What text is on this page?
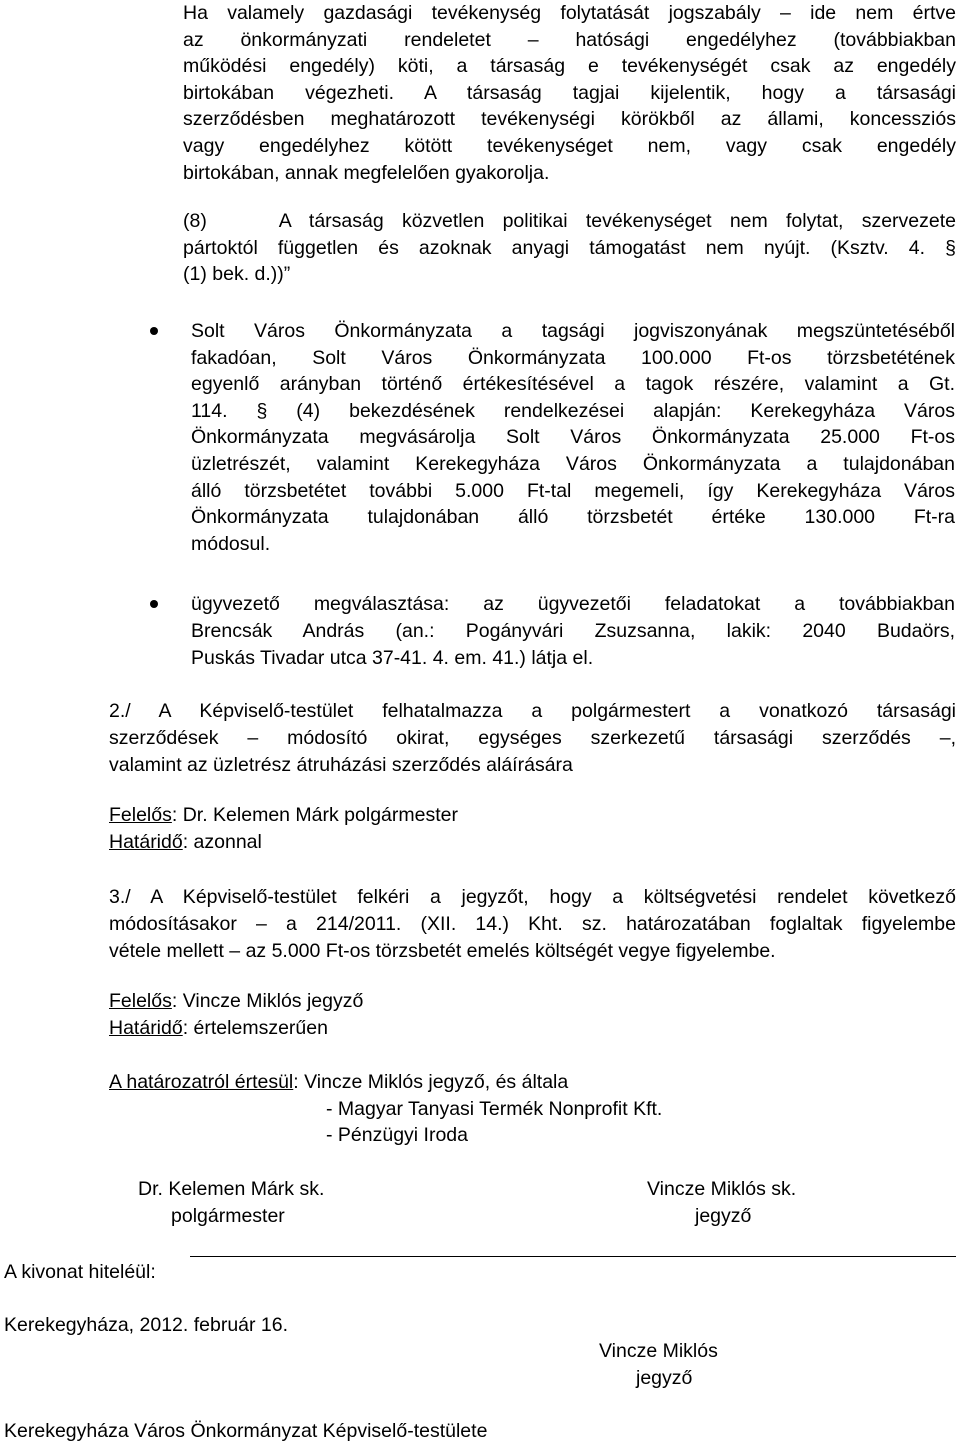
Ha valamely gazdasági tevékenység folytatását jogszabály – ide nem értve
az önkormányzati rendeletet – hatósági engedélyhez (továbbiakban
működési engedély) köti, a társaság e tevékenységét csak az engedély
birtokában végezheti. A társaság tagjai kijelentik, hogy a társasági
szerződésben meghatározott tevékenységi körökből az állami, koncessziós
vagy engedélyhez kötött tevékenységet nem, vagy csak engedély
birtokában, annak megfelelően gyakorolja.
(8)    A társaság közvetlen politikai tevékenységet nem folytat, szervezete
pártoktól független és azoknak anyagi támogatást nem nyújt. (Ksztv. 4. §
(1) bek. d.))”
Solt Város Önkormányzata a tagsági jogviszonyának megszüntetéséből
fakadóan, Solt Város Önkormányzata 100.000 Ft-os törzsbetétének
egyenlő arányban történő értékesítésével a tagok részére, valamint a Gt.
114. § (4) bekezdésének rendelkezései alapján: Kerekegyháza Város
Önkormányzata megvásárolja Solt Város Önkormányzata 25.000 Ft-os
üzletrészét, valamint Kerekegyháza Város Önkormányzata a tulajdonában
álló törzsbetétet további 5.000 Ft-tal megemeli, így Kerekegyháza Város
Önkormányzata tulajdonában álló törzsbetét értéke 130.000 Ft-ra
módosul.
ügyvezető megválasztása: az ügyvezetői feladatokat a továbbiakban
Brencsák András (an.: Pogányvári Zsuzsanna, lakik: 2040 Budaörs,
Puskás Tivadar utca 37-41. 4. em. 41.) látja el.
2./ A Képviselő-testület felhatalmazza a polgármestert a vonatkozó társasági
szerződések – módosító okirat, egységes szerkezetű társasági szerződés –,
valamint az üzletrész átruházási szerződés aláírására
Felelős: Dr. Kelemen Márk polgármester
Határidő: azonnal
3./ A Képviselő-testület felkéri a jegyzőt, hogy a költségvetési rendelet következő
módosításakor – a 214/2011. (XII. 14.) Kht. sz. határozatában foglaltak figyelembe
vétele mellett – az 5.000 Ft-os törzsbetét emelés költségét vegye figyelembe.
Felelős: Vincze Miklós jegyző
Határidő: értelemszerűen
A határozatról értesül: Vincze Miklós jegyző, és általa
- Magyar Tanyasi Termék Nonprofit Kft.
- Pénzügyi Iroda
Dr. Kelemen Márk sk.
polgármester
Vincze Miklós sk.
jegyző
A kivonat hiteléül:
Kerekegyháza, 2012. február 16.
Vincze Miklós
jegyző
Kerekegyháza Város Önkormányzat Képviselő-testülete
